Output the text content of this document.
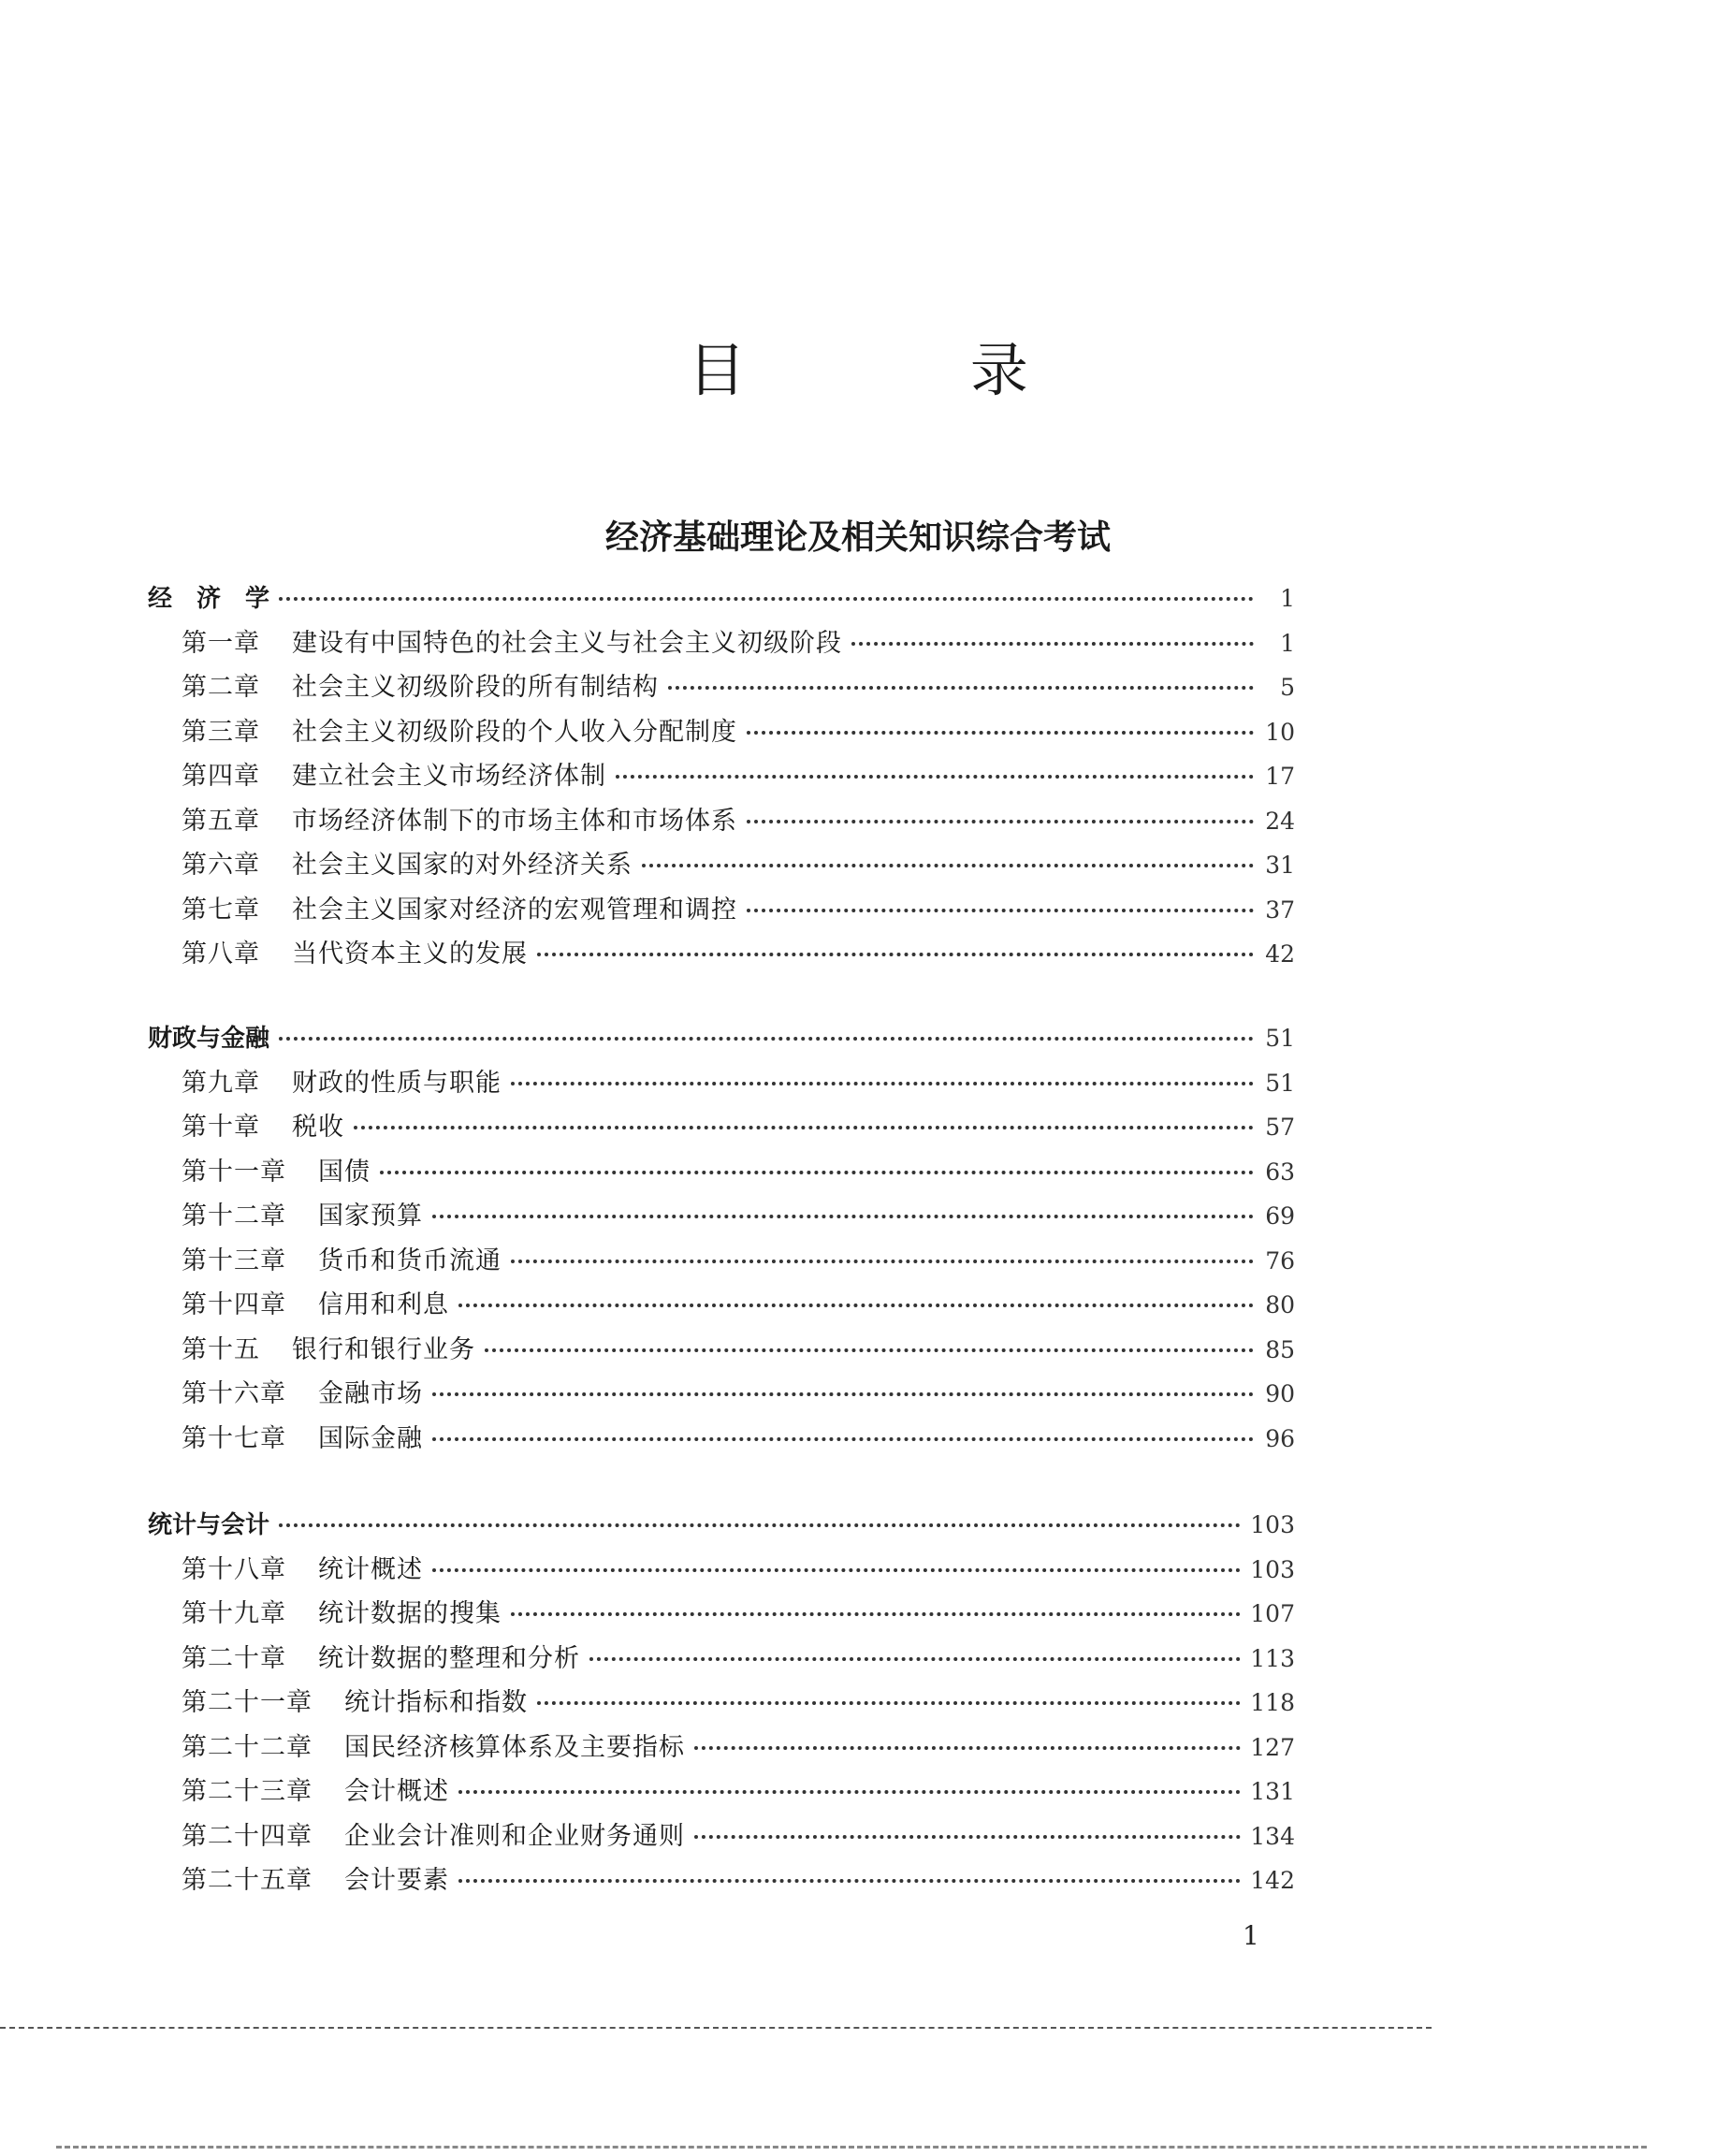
目 录
经济基础理论及相关知识综合考试
经　济　学	1
第一章 建设有中国特色的社会主义与社会主义初级阶段	1
第二章 社会主义初级阶段的所有制结构	5
第三章 社会主义初级阶段的个人收入分配制度	10
第四章 建立社会主义市场经济体制	17
第五章 市场经济体制下的市场主体和市场体系	24
第六章 社会主义国家的对外经济关系	31
第七章 社会主义国家对经济的宏观管理和调控	37
第八章 当代资本主义的发展	42
财政与金融	51
第九章 财政的性质与职能	51
第十章 税收	57
第十一章 国债	63
第十二章 国家预算	69
第十三章 货币和货币流通	76
第十四章 信用和利息	80
第十五 银行和银行业务	85
第十六章 金融市场	90
第十七章 国际金融	96
统计与会计	103
第十八章 统计概述	103
第十九章 统计数据的搜集	107
第二十章 统计数据的整理和分析	113
第二十一章 统计指标和指数	118
第二十二章 国民经济核算体系及主要指标	127
第二十三章 会计概述	131
第二十四章 企业会计准则和企业财务通则	134
第二十五章 会计要素	142
1
